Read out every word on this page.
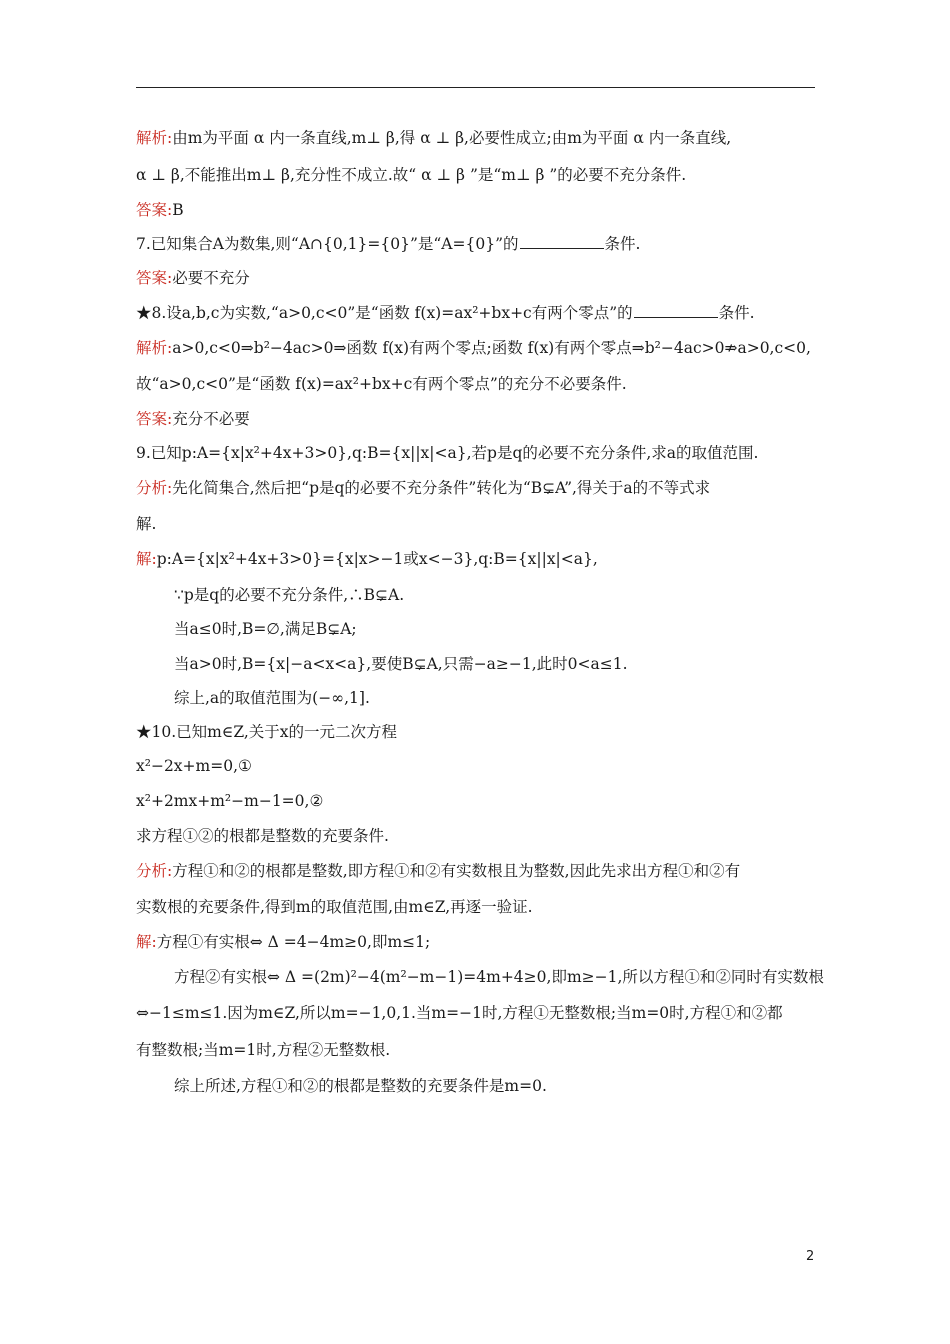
解析:由m为平面 α 内一条直线,m⊥ β,得 α ⊥ β,必要性成立;由m为平面 α 内一条直线,
α ⊥ β,不能推出m⊥ β,充分性不成立.故“ α ⊥ β ”是“m⊥ β ”的必要不充分条件.
答案:B
7.已知集合A为数集,则“A∩{0,1}={0}”是“A={0}”的	条件.
答案:必要不充分
★8.设a,b,c为实数,“a>0,c<0”是“函数 f(x)=ax²+bx+c有两个零点”的	条件.
解析:a>0,c<0⇒b²−4ac>0⇒函数 f(x)有两个零点;函数 f(x)有两个零点⇒b²−4ac>0⇏a>0,c<0,
故“a>0,c<0”是“函数 f(x)=ax²+bx+c有两个零点”的充分不必要条件.
答案:充分不必要
9.已知p:A={x|x²+4x+3>0},q:B={x||x|<a},若p是q的必要不充分条件,求a的取值范围.
分析:先化简集合,然后把“p是q的必要不充分条件”转化为“B⊊A”,得关于a的不等式求
解.
解:p:A={x|x²+4x+3>0}={x|x>−1或x<−3},q:B={x||x|<a},
∵p是q的必要不充分条件,∴B⊊A.
当a≤0时,B=∅,满足B⊊A;
当a>0时,B={x|−a<x<a},要使B⊊A,只需−a≥−1,此时0<a≤1.
综上,a的取值范围为(−∞,1].
★10.已知m∈Z,关于x的一元二次方程
x²−2x+m=0,①
x²+2mx+m²−m−1=0,②
求方程①②的根都是整数的充要条件.
分析:方程①和②的根都是整数,即方程①和②有实数根且为整数,因此先求出方程①和②有
实数根的充要条件,得到m的取值范围,由m∈Z,再逐一验证.
解:方程①有实根⇔ Δ =4−4m≥0,即m≤1;
方程②有实根⇔ Δ =(2m)²−4(m²−m−1)=4m+4≥0,即m≥−1,所以方程①和②同时有实数根
⇔−1≤m≤1.因为m∈Z,所以m=−1,0,1.当m=−1时,方程①无整数根;当m=0时,方程①和②都
有整数根;当m=1时,方程②无整数根.
综上所述,方程①和②的根都是整数的充要条件是m=0.
2
